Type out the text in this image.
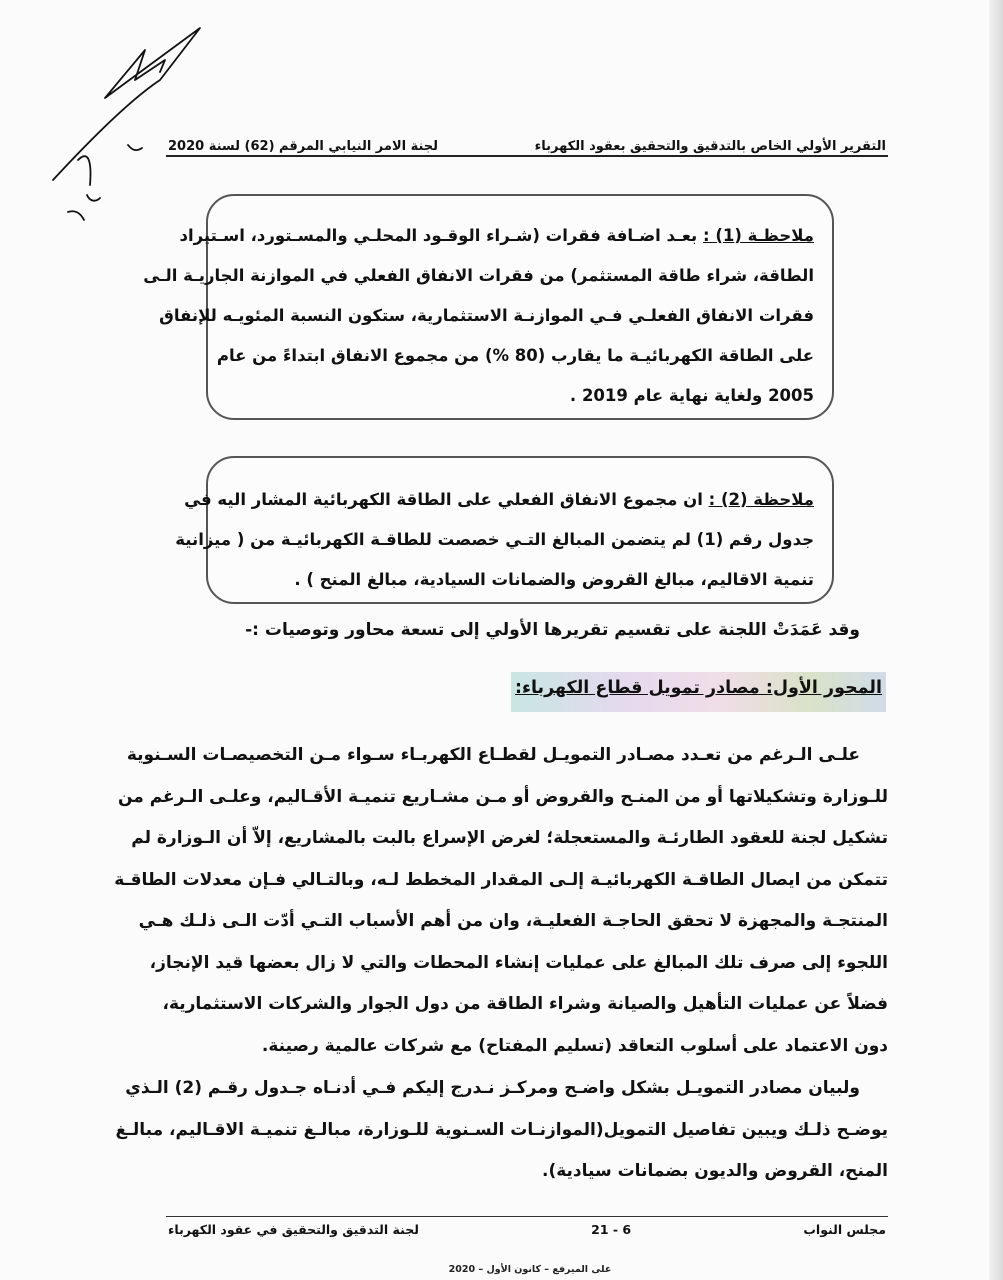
التقرير الأولي الخاص بالتدقيق والتحقيق بعقود الكهرباء
لجنة الامر النيابي المرقم (62) لسنة 2020
ملاحظـة (1) : بعـد اضـافة فقرات (شـراء الوقـود المحلـي والمسـتورد، اسـتيراد
الطاقة، شراء طاقة المستثمر) من فقرات الانفاق الفعلي في الموازنة الجاريـة الـى
فقرات الانفاق الفعلـي فـي الموازنـة الاستثمارية، ستكون النسبة المئويـه للإنفاق
على الطاقة الكهربائيـة ما يقارب (80 %) من مجموع الانفاق ابتداءً من عام
2005 ولغاية نهاية عام 2019 .
ملاحظة (2) : ان مجموع الانفاق الفعلي على الطاقة الكهربائية المشار اليه في
جدول رقم (1) لم يتضمن المبالغ التـي خصصت للطاقـة الكهربائيـة من ( ميزانية
تنمية الاقاليم، مبالغ القروض والضمانات السيادية، مبالغ المنح ) .
وقد عَمَدَتْ اللجنة على تقسيم تقريرها الأولي إلى تسعة محاور وتوصيات :-
المحور الأول: مصادر تمويل قطاع الكهرباء:
علـى الـرغم من تعـدد مصـادر التمويـل لقطـاع الكهربـاء سـواء مـن التخصيصـات السـنوية
للـوزارة وتشكيلاتها أو من المنـح والقروض أو مـن مشـاريع تنميـة الأقـاليم، وعلـى الـرغم من
تشكيل لجنة للعقود الطارئـة والمستعجلة؛ لغرض الإسراع بالبت بالمشاريع، إلاّ أن الـوزارة لم
تتمكن من ايصال الطاقـة الكهربائيـة إلـى المقدار المخطط لـه، وبالتـالي فـإن معدلات الطاقـة
المنتجـة والمجهزة لا تحقق الحاجـة الفعليـة، وان من أهم الأسباب التـي أدّت الـى ذلـك هـي
اللجوء إلى صرف تلك المبالغ على عمليات إنشاء المحطات والتي لا زال بعضها قيد الإنجاز،
فضلاً عن عمليات التأهيل والصيانة وشراء الطاقة من دول الجوار والشركات الاستثمارية،
دون الاعتماد على أسلوب التعاقد (تسليم المفتاح) مع شركات عالمية رصينة.
ولبيان مصادر التمويـل بشكل واضـح ومركـز نـدرج إليكم فـي أدنـاه جـدول رقـم (2) الـذي
يوضـح ذلـك ويبين تفاصيل التمويل(الموازنـات السـنوية للـوزارة، مبالـغ تنميـة الاقـاليم، مبالـغ
المنح، القروض والديون بضمانات سيادية).
مجلس النواب
21 - 6
لجنة التدقيق والتحقيق في عقود الكهرباء
على الميرفع – كانون الأول – 2020
